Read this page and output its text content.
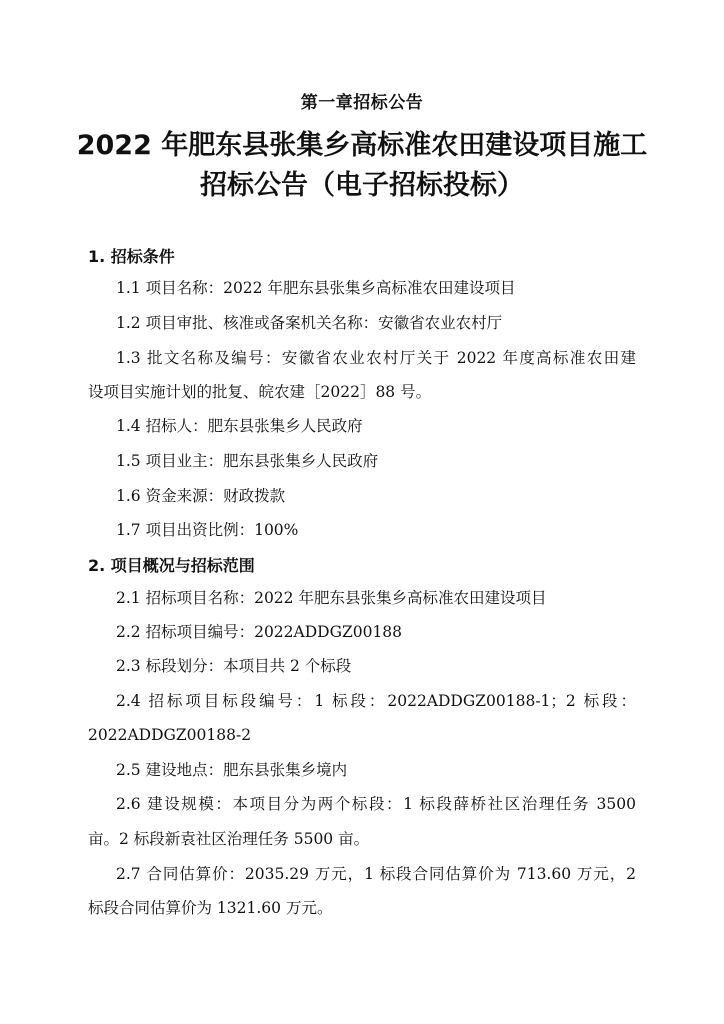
第一章招标公告
2022 年肥东县张集乡高标准农田建设项目施工
招标公告（电子招标投标）
1. 招标条件
1.1 项目名称：2022 年肥东县张集乡高标准农田建设项目
1.2 项目审批、核准或备案机关名称：安徽省农业农村厅
1.3 批文名称及编号：安徽省农业农村厅关于 2022 年度高标准农田建
设项目实施计划的批复、皖农建［2022］88 号。
1.4 招标人：肥东县张集乡人民政府
1.5 项目业主：肥东县张集乡人民政府
1.6 资金来源：财政拨款
1.7 项目出资比例：100%
2. 项目概况与招标范围
2.1 招标项目名称：2022 年肥东县张集乡高标准农田建设项目
2.2 招标项目编号：2022ADDGZ00188
2.3 标段划分：本项目共 2 个标段
2.4 招标项目标段编号：1 标段：2022ADDGZ00188-1；2 标段：
2022ADDGZ00188-2
2.5 建设地点：肥东县张集乡境内
2.6 建设规模：本项目分为两个标段：1 标段薛桥社区治理任务 3500
亩。2 标段新袁社区治理任务 5500 亩。
2.7 合同估算价：2035.29 万元，1 标段合同估算价为 713.60 万元，2
标段合同估算价为 1321.60 万元。
